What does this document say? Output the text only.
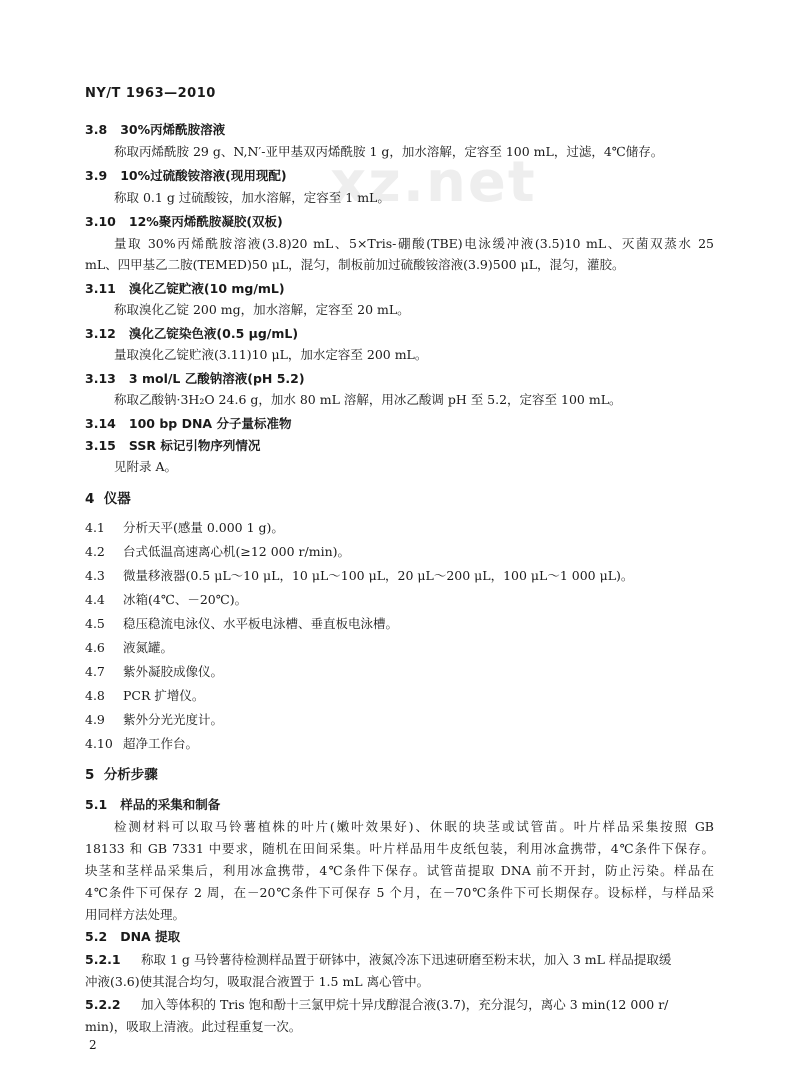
xz.net
NY/T 1963—2010
3.8 30%丙烯酰胺溶液
称取丙烯酰胺 29 g、N,N′-亚甲基双丙烯酰胺 1 g，加水溶解，定容至 100 mL，过滤，4℃储存。
3.9 10%过硫酸铵溶液(现用现配)
称取 0.1 g 过硫酸铵，加水溶解，定容至 1 mL。
3.10 12%聚丙烯酰胺凝胶(双板)
量取 30%丙烯酰胺溶液(3.8)20 mL、5×Tris-硼酸(TBE)电泳缓冲液(3.5)10 mL、灭菌双蒸水 25
mL、四甲基乙二胺(TEMED)50 μL，混匀，制板前加过硫酸铵溶液(3.9)500 μL，混匀，灌胶。
3.11 溴化乙锭贮液(10 mg/mL)
称取溴化乙锭 200 mg，加水溶解，定容至 20 mL。
3.12 溴化乙锭染色液(0.5 μg/mL)
量取溴化乙锭贮液(3.11)10 μL，加水定容至 200 mL。
3.13 3 mol/L 乙酸钠溶液(pH 5.2)
称取乙酸钠·3H₂O 24.6 g，加水 80 mL 溶解，用冰乙酸调 pH 至 5.2，定容至 100 mL。
3.14 100 bp DNA 分子量标准物
3.15 SSR 标记引物序列情况
见附录 A。
4 仪器
4.1 分析天平(感量 0.000 1 g)。
4.2 台式低温高速离心机(≥12 000 r/min)。
4.3 微量移液器(0.5 μL～10 μL，10 μL～100 μL，20 μL～200 μL，100 μL～1 000 μL)。
4.4 冰箱(4℃、－20℃)。
4.5 稳压稳流电泳仪、水平板电泳槽、垂直板电泳槽。
4.6 液氮罐。
4.7 紫外凝胶成像仪。
4.8 PCR 扩增仪。
4.9 紫外分光光度计。
4.10 超净工作台。
5 分析步骤
5.1 样品的采集和制备
检测材料可以取马铃薯植株的叶片(嫩叶效果好)、休眠的块茎或试管苗。叶片样品采集按照 GB
18133 和 GB 7331 中要求，随机在田间采集。叶片样品用牛皮纸包装，利用冰盒携带，4℃条件下保存。
块茎和茎样品采集后，利用冰盒携带，4℃条件下保存。试管苗提取 DNA 前不开封，防止污染。样品在
4℃条件下可保存 2 周，在－20℃条件下可保存 5 个月，在－70℃条件下可长期保存。设标样，与样品采
用同样方法处理。
5.2 DNA 提取
5.2.1 称取 1 g 马铃薯待检测样品置于研钵中，液氮冷冻下迅速研磨至粉末状，加入 3 mL 样品提取缓
冲液(3.6)使其混合均匀，吸取混合液置于 1.5 mL 离心管中。
5.2.2 加入等体积的 Tris 饱和酚十三氯甲烷十异戊醇混合液(3.7)，充分混匀，离心 3 min(12 000 r/
min)，吸取上清液。此过程重复一次。
2
